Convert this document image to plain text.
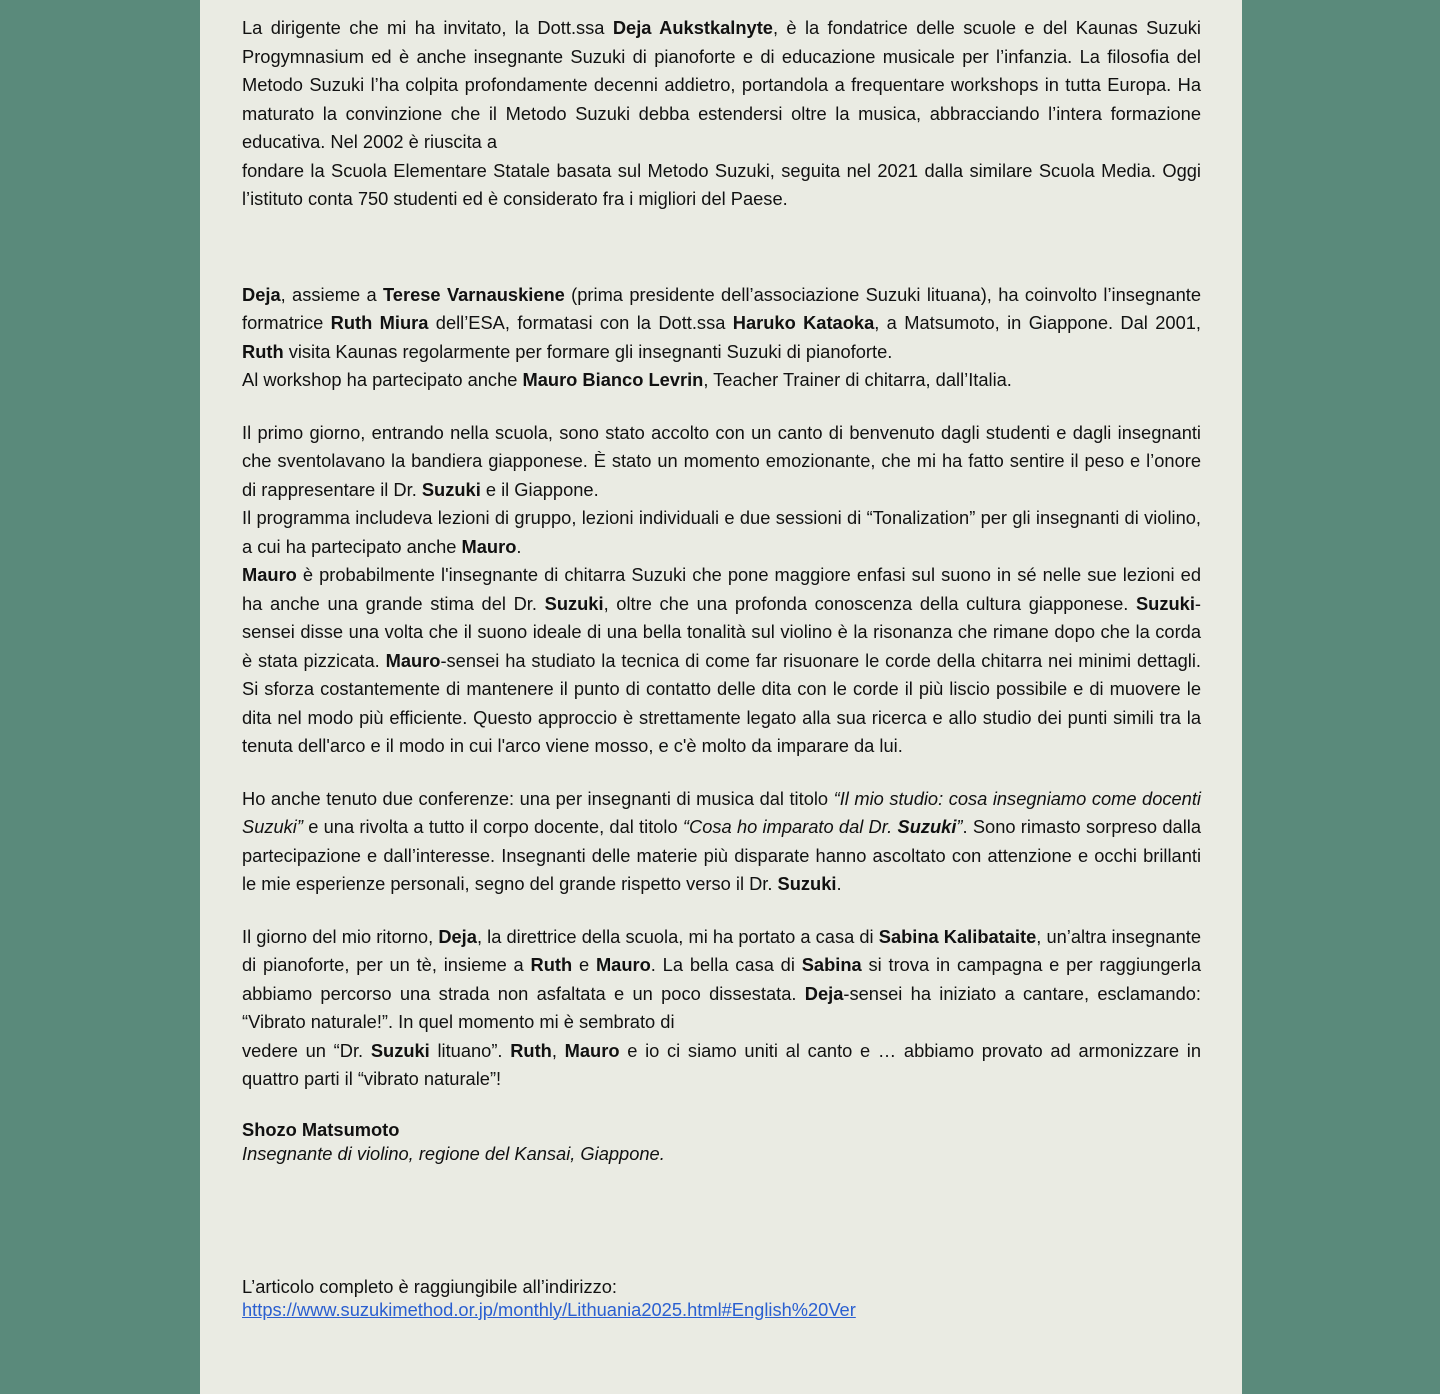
La dirigente che mi ha invitato, la Dott.ssa Deja Aukstkalnyte, è la fondatrice delle scuole e del Kaunas Suzuki Progymnasium ed è anche insegnante Suzuki di pianoforte e di educazione musicale per l’infanzia. La filosofia del Metodo Suzuki l’ha colpita profondamente decenni addietro, portandola a frequentare workshops in tutta Europa. Ha maturato la convinzione che il Metodo Suzuki debba estendersi oltre la musica, abbracciando l’intera formazione educativa. Nel 2002 è riuscita a
fondare la Scuola Elementare Statale basata sul Metodo Suzuki, seguita nel 2021 dalla similare Scuola Media. Oggi l’istituto conta 750 studenti ed è considerato fra i migliori del Paese.

Deja, assieme a Terese Varnauskiene (prima presidente dell’associazione Suzuki lituana), ha coinvolto l’insegnante formatrice Ruth Miura dell’ESA, formatasi con la Dott.ssa Haruko Kataoka, a Matsumoto, in Giappone. Dal 2001, Ruth visita Kaunas regolarmente per formare gli insegnanti Suzuki di pianoforte.
Al workshop ha partecipato anche Mauro Bianco Levrin, Teacher Trainer di chitarra, dall’Italia.

Il primo giorno, entrando nella scuola, sono stato accolto con un canto di benvenuto dagli studenti e dagli insegnanti che sventolavano la bandiera giapponese. È stato un momento emozionante, che mi ha fatto sentire il peso e l’onore di rappresentare il Dr. Suzuki e il Giappone.
Il programma includeva lezioni di gruppo, lezioni individuali e due sessioni di “Tonalization” per gli insegnanti di violino, a cui ha partecipato anche Mauro.
Mauro è probabilmente l'insegnante di chitarra Suzuki che pone maggiore enfasi sul suono in sé nelle sue lezioni ed ha anche una grande stima del Dr. Suzuki, oltre che una profonda conoscenza della cultura giapponese. Suzuki-sensei disse una volta che il suono ideale di una bella tonalità sul violino è la risonanza che rimane dopo che la corda è stata pizzicata. Mauro-sensei ha studiato la tecnica di come far risuonare le corde della chitarra nei minimi dettagli. Si sforza costantemente di mantenere il punto di contatto delle dita con le corde il più liscio possibile e di muovere le dita nel modo più efficiente. Questo approccio è strettamente legato alla sua ricerca e allo studio dei punti simili tra la tenuta dell'arco e il modo in cui l'arco viene mosso, e c'è molto da imparare da lui.

Ho anche tenuto due conferenze: una per insegnanti di musica dal titolo “Il mio studio: cosa insegniamo come docenti Suzuki” e una rivolta a tutto il corpo docente, dal titolo “Cosa ho imparato dal Dr. Suzuki”. Sono rimasto sorpreso dalla partecipazione e dall’interesse. Insegnanti delle materie più disparate hanno ascoltato con attenzione e occhi brillanti le mie esperienze personali, segno del grande rispetto verso il Dr. Suzuki.

Il giorno del mio ritorno, Deja, la direttrice della scuola, mi ha portato a casa di Sabina Kalibataite, un’altra insegnante di pianoforte, per un tè, insieme a Ruth e Mauro. La bella casa di Sabina si trova in campagna e per raggiungerla abbiamo percorso una strada non asfaltata e un poco dissestata. Deja-sensei ha iniziato a cantare, esclamando: “Vibrato naturale!”. In quel momento mi è sembrato di
vedere un “Dr. Suzuki lituano”. Ruth, Mauro e io ci siamo uniti al canto e … abbiamo provato ad armonizzare in quattro parti il “vibrato naturale”!

Shozo Matsumoto

Insegnante di violino, regione del Kansai, Giappone.

L’articolo completo è raggiungibile all’indirizzo:

https://www.suzukimethod.or.jp/monthly/Lithuania2025.html#English%20Ver
